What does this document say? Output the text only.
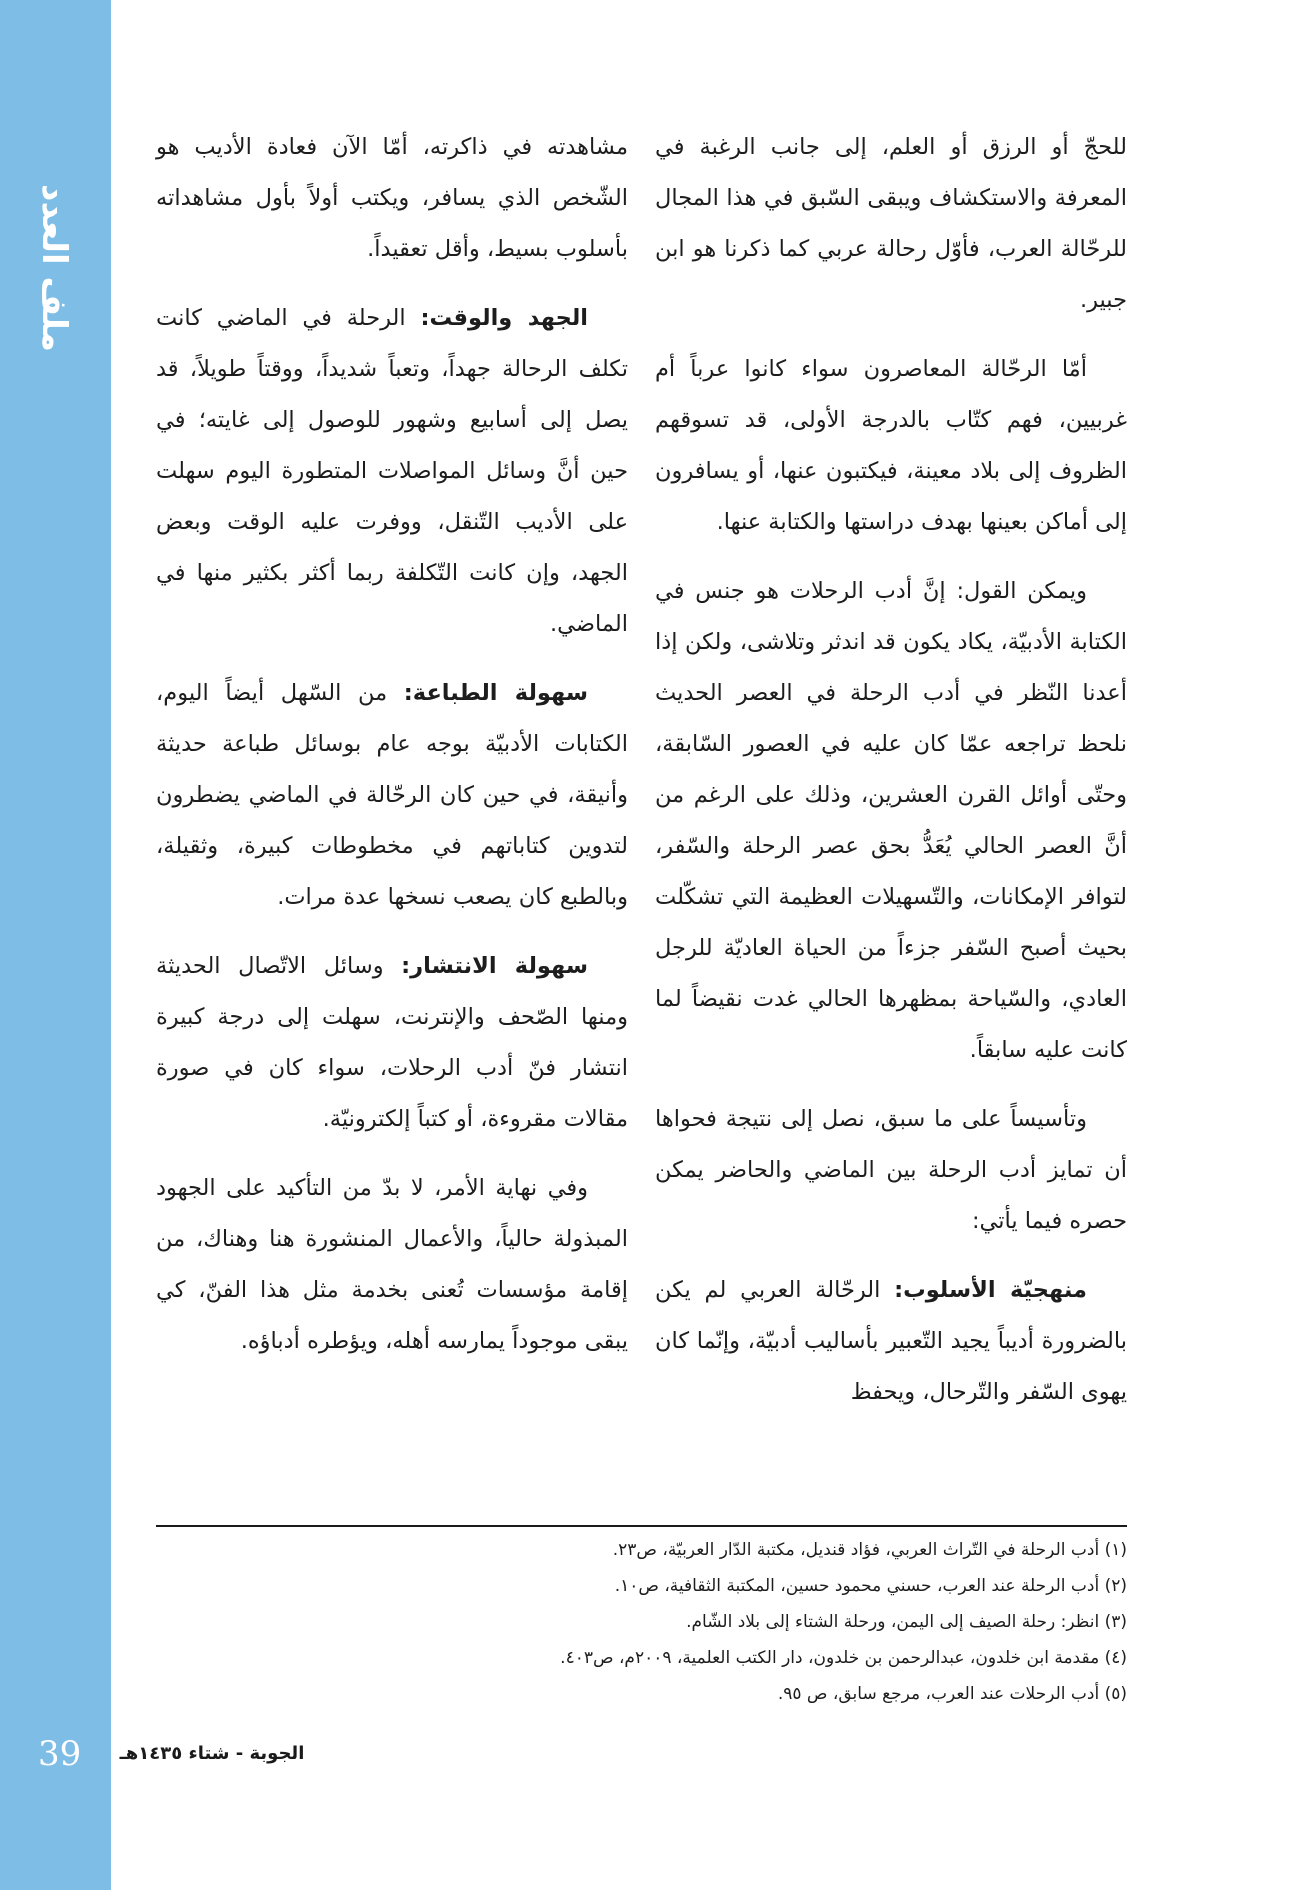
ملف العدد
39	الجوبة - شتاء ١٤٣٥هـ

للحجّ أو الرزق أو العلم، إلى جانب الرغبة في المعرفة والاستكشاف ويبقى السّبق في هذا المجال للرحّالة العرب، فأوّل رحالة عربي كما ذكرنا هو ابن جبير.

أمّا الرحّالة المعاصرون سواء كانوا عرباً أم غربيين، فهم كتّاب بالدرجة الأولى، قد تسوقهم الظروف إلى بلاد معينة، فيكتبون عنها، أو يسافرون إلى أماكن بعينها بهدف دراستها والكتابة عنها.

ويمكن القول: إنَّ أدب الرحلات هو جنس في الكتابة الأدبيّة، يكاد يكون قد اندثر وتلاشى، ولكن إذا أعدنا النّظر في أدب الرحلة في العصر الحديث نلحظ تراجعه عمّا كان عليه في العصور السّابقة، وحتّى أوائل القرن العشرين، وذلك على الرغم من أنَّ العصر الحالي يُعَدُّ بحق عصر الرحلة والسّفر، لتوافر الإمكانات، والتّسهيلات العظيمة التي تشكّلت بحيث أصبح السّفر جزءاً من الحياة العاديّة للرجل العادي، والسّياحة بمظهرها الحالي غدت نقيضاً لما كانت عليه سابقاً.

وتأسيساً على ما سبق، نصل إلى نتيجة فحواها أن تمايز أدب الرحلة بين الماضي والحاضر يمكن حصره فيما يأتي:

منهجيّة الأسلوب: الرحّالة العربي لم يكن بالضرورة أديباً يجيد التّعبير بأساليب أدبيّة، وإنّما كان يهوى السّفر والتّرحال، ويحفظ

مشاهدته في ذاكرته، أمّا الآن فعادة الأديب هو الشّخص الذي يسافر، ويكتب أولاً بأول مشاهداته بأسلوب بسيط، وأقل تعقيداً.

الجهد والوقت: الرحلة في الماضي كانت تكلف الرحالة جهداً، وتعباً شديداً، ووقتاً طويلاً، قد يصل إلى أسابيع وشهور للوصول إلى غايته؛ في حين أنَّ وسائل المواصلات المتطورة اليوم سهلت على الأديب التّنقل، ووفرت عليه الوقت وبعض الجهد، وإن كانت التّكلفة ربما أكثر بكثير منها في الماضي.

سهولة الطباعة: من السّهل أيضاً اليوم، الكتابات الأدبيّة بوجه عام بوسائل طباعة حديثة وأنيقة، في حين كان الرحّالة في الماضي يضطرون لتدوين كتاباتهم في مخطوطات كبيرة، وثقيلة، وبالطبع كان يصعب نسخها عدة مرات.

سهولة الانتشار: وسائل الاتّصال الحديثة ومنها الصّحف والإنترنت، سهلت إلى درجة كبيرة انتشار فنّ أدب الرحلات، سواء كان في صورة مقالات مقروءة، أو كتباً إلكترونيّة.

وفي نهاية الأمر، لا بدّ من التأكيد على الجهود المبذولة حالياً، والأعمال المنشورة هنا وهناك، من إقامة مؤسسات تُعنى بخدمة مثل هذا الفنّ، كي يبقى موجوداً يمارسه أهله، ويؤطره أدباؤه.

(١) أدب الرحلة في التّراث العربي، فؤاد قنديل، مكتبة الدّار العربيّة، ص٢٣.
(٢) أدب الرحلة عند العرب، حسني محمود حسين، المكتبة الثقافية، ص١٠.
(٣) انظر: رحلة الصيف إلى اليمن، ورحلة الشتاء إلى بلاد الشّام.
(٤) مقدمة ابن خلدون، عبدالرحمن بن خلدون، دار الكتب العلمية، ٢٠٠٩م، ص٤٠٣.
(٥) أدب الرحلات عند العرب، مرجع سابق، ص ٩٥.
